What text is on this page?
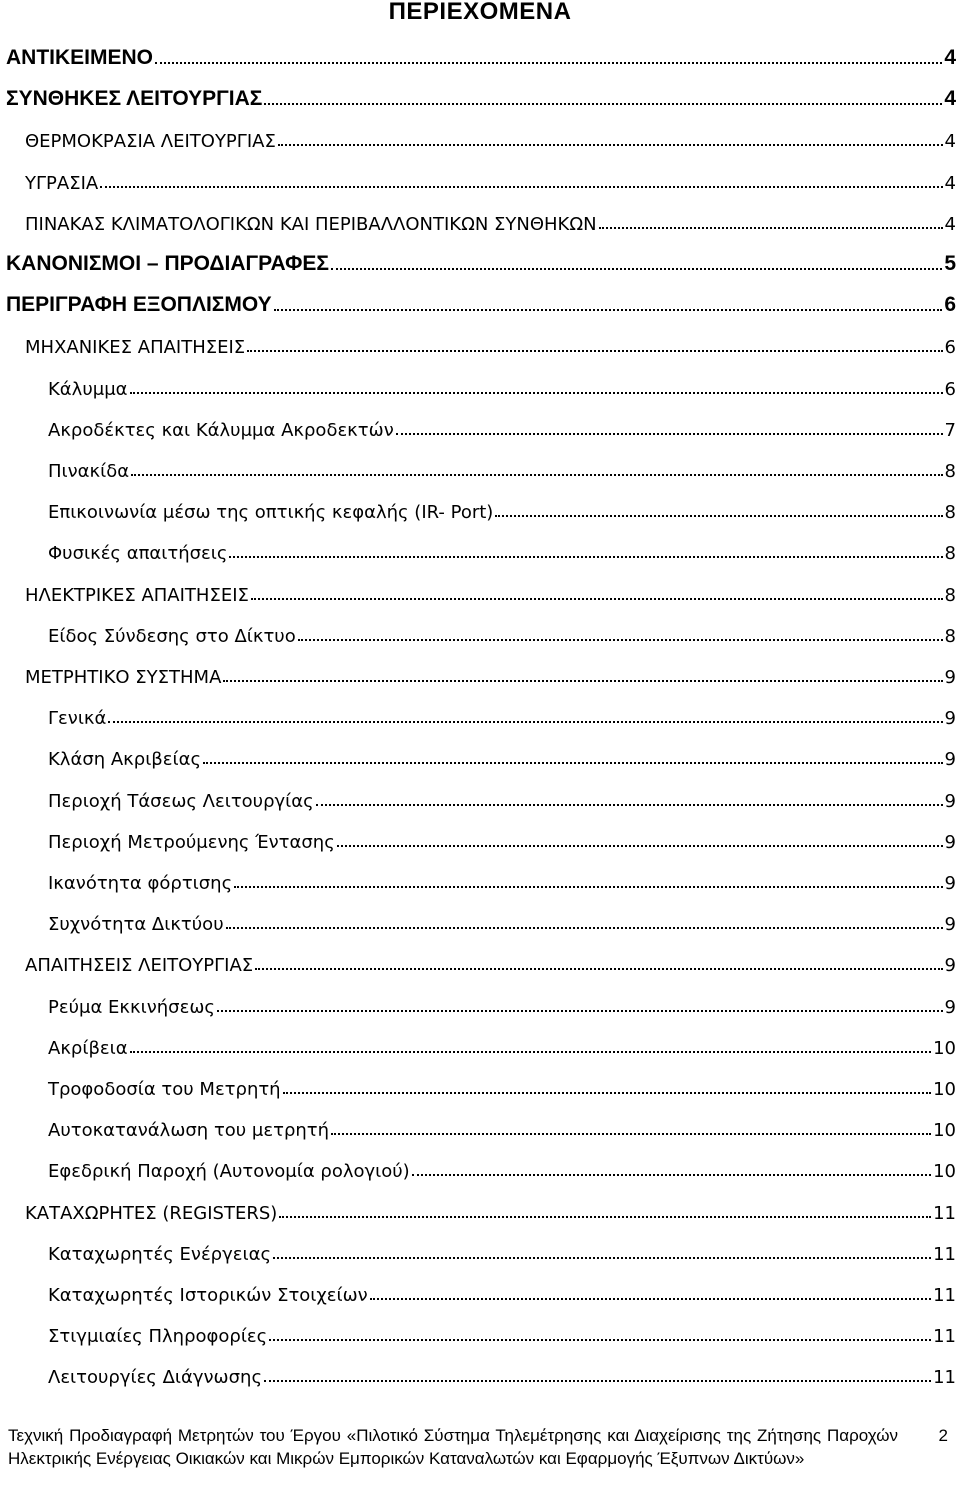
ΠΕΡΙΕΧΟΜΕΝΑ
ΑΝΤΙΚΕΙΜΕΝΟ	4
ΣΥΝΘΗΚΕΣ ΛΕΙΤΟΥΡΓΙΑΣ	4
ΘΕΡΜΟΚΡΑΣΙΑ ΛΕΙΤΟΥΡΓΙΑΣ	4
ΥΓΡΑΣΙΑ	4
ΠΙΝΑΚΑΣ ΚΛΙΜΑΤΟΛΟΓΙΚΩΝ ΚΑΙ ΠΕΡΙΒΑΛΛΟΝΤΙΚΩΝ ΣΥΝΘΗΚΩΝ	4
ΚΑΝΟΝΙΣΜΟΙ – ΠΡΟΔΙΑΓΡΑΦΕΣ	5
ΠΕΡΙΓΡΑΦΗ ΕΞΟΠΛΙΣΜΟΥ	6
ΜΗΧΑΝΙΚΕΣ ΑΠΑΙΤΗΣΕΙΣ	6
Κάλυμμα	6
Ακροδέκτες και Κάλυμμα Ακροδεκτών	7
Πινακίδα	8
Επικοινωνία μέσω της οπτικής κεφαλής (IR- Port)	8
Φυσικές απαιτήσεις	8
ΗΛΕΚΤΡΙΚΕΣ ΑΠΑΙΤΗΣΕΙΣ	8
Είδος Σύνδεσης στο Δίκτυο	8
ΜΕΤΡΗΤΙΚΟ ΣΥΣΤΗΜΑ	9
Γενικά	9
Κλάση Ακριβείας	9
Περιοχή Τάσεως Λειτουργίας	9
Περιοχή Μετρούμενης Έντασης	9
Ικανότητα φόρτισης	9
Συχνότητα Δικτύου	9
ΑΠΑΙΤΗΣΕΙΣ ΛΕΙΤΟΥΡΓΙΑΣ	9
Ρεύμα Εκκινήσεως	9
Ακρίβεια	10
Τροφοδοσία του Μετρητή	10
Αυτοκατανάλωση του μετρητή	10
Εφεδρική Παροχή (Αυτονομία ρολογιού)	10
ΚΑΤΑΧΩΡΗΤΕΣ (REGISTERS)	11
Καταχωρητές Ενέργειας	11
Καταχωρητές Ιστορικών Στοιχείων	11
Στιγμιαίες Πληροφορίες	11
Λειτουργίες Διάγνωσης	11
Τεχνική Προδιαγραφή Μετρητών του Έργου «Πιλοτικό Σύστημα Τηλεμέτρησης και Διαχείρισης της Ζήτησης Παροχών Ηλεκτρικής Ενέργειας Οικιακών και Μικρών Εμπορικών Καταναλωτών και Εφαρμογής Έξυπνων Δικτύων»
2
